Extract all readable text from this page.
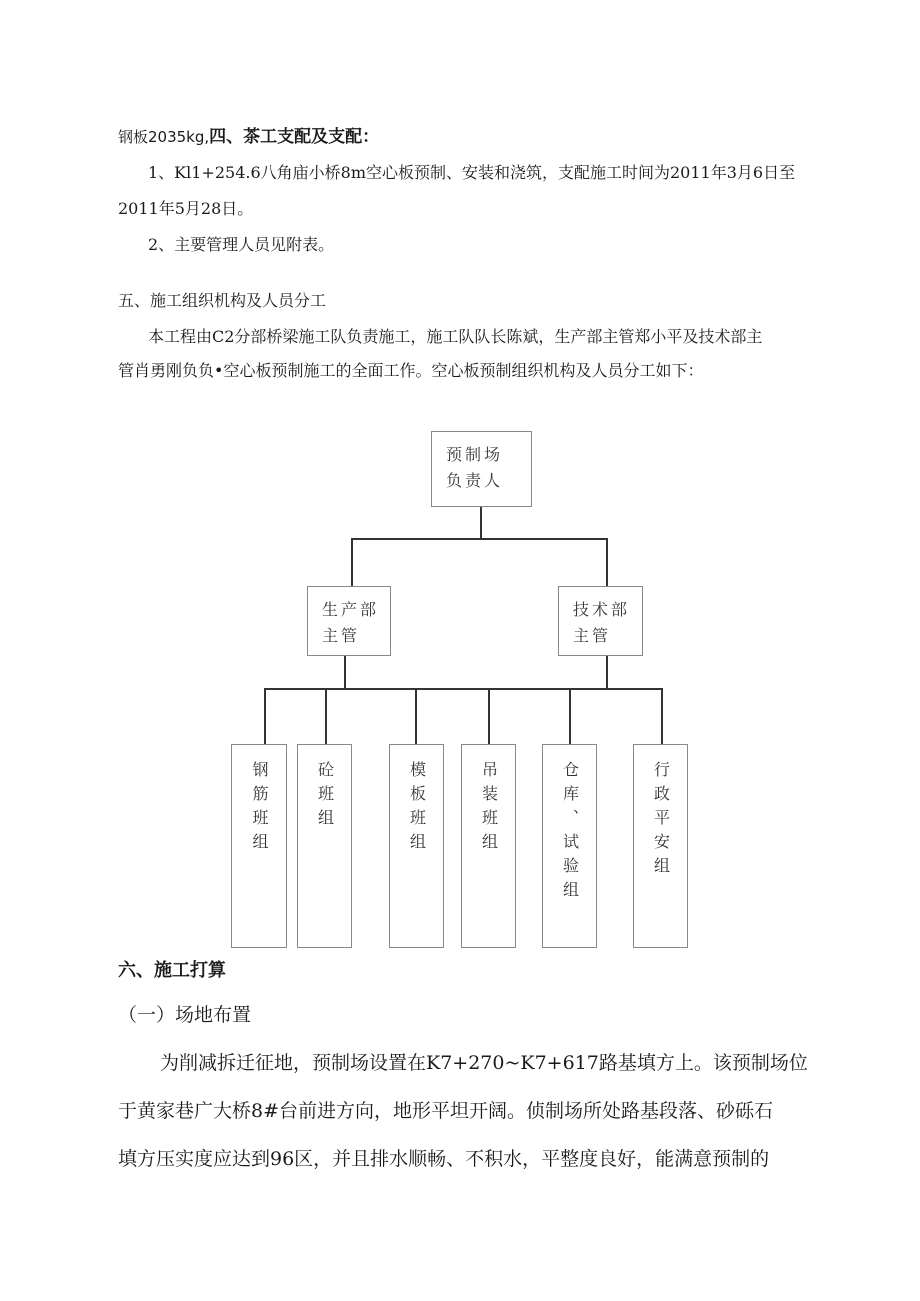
钢板2035kg,四、茶工支配及支配：
1、Kl1+254.6八角庙小桥8m空心板预制、安装和浇筑，支配施工时间为2011年3月6日至
2011年5月28日。
2、主要管理人员见附表。
五、施工组织机构及人员分工
本工程由C2分部桥梁施工队负责施工，施工队队长陈斌，生产部主管郑小平及技术部主
管肖勇刚负负•空心板预制施工的全面工作。空心板预制组织机构及人员分工如下：
预制场
负责人
生产部
主管
技术部
主管
钢筋班组	砼班组	模板班组	吊装班组	仓库、试验组	行政平安组
六、施工打算
（一）场地布置
为削减拆迁征地，预制场设置在K7+270~K7+617路基填方上。该预制场位
于黄家巷广大桥8#台前进方向，地形平坦开阔。侦制场所处路基段落、砂砾石
填方压实度应达到96区，并且排水顺畅、不积水，平整度良好，能满意预制的
